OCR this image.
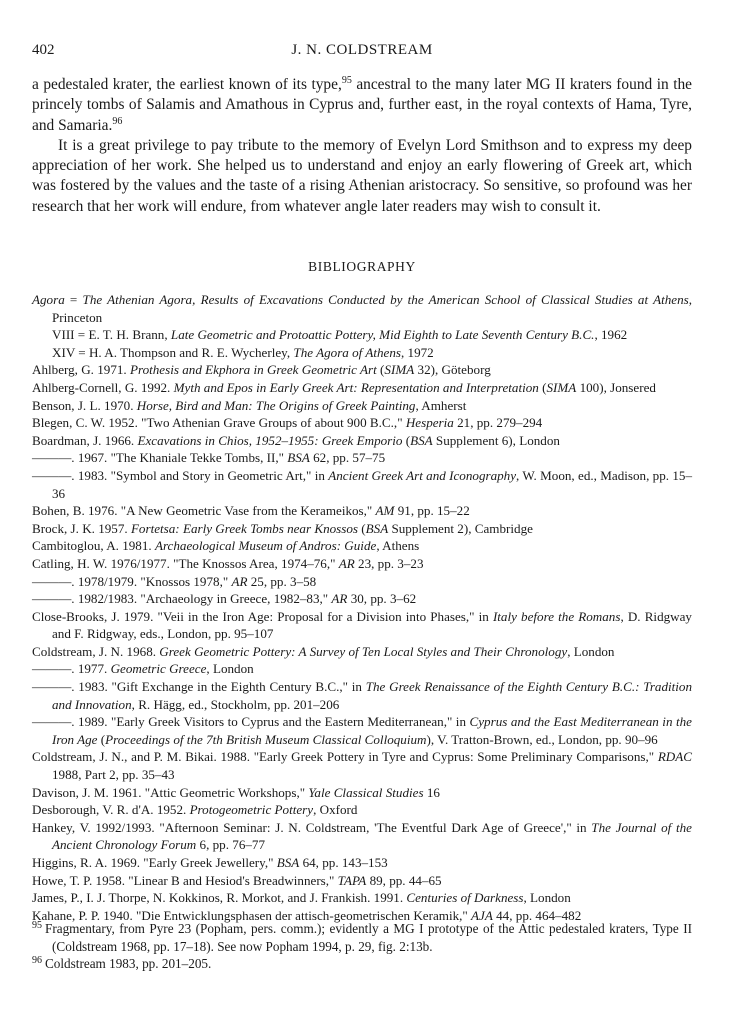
402	J. N. COLDSTREAM

a pedestaled krater, the earliest known of its type,$^{95}$ ancestral to the many later MG II kraters found in the princely tombs of Salamis and Amathous in Cyprus and, further east, in the royal contexts of Hama, Tyre, and Samaria.$^{96}$

It is a great privilege to pay tribute to the memory of Evelyn Lord Smithson and to express my deep appreciation of her work. She helped us to understand and enjoy an early flowering of Greek art, which was fostered by the values and the taste of a rising Athenian aristocracy. So sensitive, so profound was her research that her work will endure, from whatever angle later readers may wish to consult it.

BIBLIOGRAPHY
Agora = The Athenian Agora, Results of Excavations Conducted by the American School of Classical Studies at Athens, Princeton
VIII = E. T. H. Brann, Late Geometric and Protoattic Pottery, Mid Eighth to Late Seventh Century B.C., 1962
XIV = H. A. Thompson and R. E. Wycherley, The Agora of Athens, 1972
Ahlberg, G. 1971. Prothesis and Ekphora in Greek Geometric Art (SIMA 32), Göteborg
Ahlberg-Cornell, G. 1992. Myth and Epos in Early Greek Art: Representation and Interpretation (SIMA 100), Jonsered
Benson, J. L. 1970. Horse, Bird and Man: The Origins of Greek Painting, Amherst
Blegen, C. W. 1952. "Two Athenian Grave Groups of about 900 B.C.," Hesperia 21, pp. 279–294
Boardman, J. 1966. Excavations in Chios, 1952–1955: Greek Emporio (BSA Supplement 6), London
———. 1967. "The Khaniale Tekke Tombs, II," BSA 62, pp. 57–75
———. 1983. "Symbol and Story in Geometric Art," in Ancient Greek Art and Iconography, W. Moon, ed., Madison, pp. 15–36
Bohen, B. 1976. "A New Geometric Vase from the Kerameikos," AM 91, pp. 15–22
Brock, J. K. 1957. Fortetsa: Early Greek Tombs near Knossos (BSA Supplement 2), Cambridge
Cambitoglou, A. 1981. Archaeological Museum of Andros: Guide, Athens
Catling, H. W. 1976/1977. "The Knossos Area, 1974–76," AR 23, pp. 3–23
———. 1978/1979. "Knossos 1978," AR 25, pp. 3–58
———. 1982/1983. "Archaeology in Greece, 1982–83," AR 30, pp. 3–62
Close-Brooks, J. 1979. "Veii in the Iron Age: Proposal for a Division into Phases," in Italy before the Romans, D. Ridgway and F. Ridgway, eds., London, pp. 95–107
Coldstream, J. N. 1968. Greek Geometric Pottery: A Survey of Ten Local Styles and Their Chronology, London
———. 1977. Geometric Greece, London
———. 1983. "Gift Exchange in the Eighth Century B.C.," in The Greek Renaissance of the Eighth Century B.C.: Tradition and Innovation, R. Hägg, ed., Stockholm, pp. 201–206
———. 1989. "Early Greek Visitors to Cyprus and the Eastern Mediterranean," in Cyprus and the East Mediterranean in the Iron Age (Proceedings of the 7th British Museum Classical Colloquium), V. Tratton-Brown, ed., London, pp. 90–96
Coldstream, J. N., and P. M. Bikai. 1988. "Early Greek Pottery in Tyre and Cyprus: Some Preliminary Comparisons," RDAC 1988, Part 2, pp. 35–43
Davison, J. M. 1961. "Attic Geometric Workshops," Yale Classical Studies 16
Desborough, V. R. d'A. 1952. Protogeometric Pottery, Oxford
Hankey, V. 1992/1993. "Afternoon Seminar: J. N. Coldstream, 'The Eventful Dark Age of Greece'," in The Journal of the Ancient Chronology Forum 6, pp. 76–77
Higgins, R. A. 1969. "Early Greek Jewellery," BSA 64, pp. 143–153
Howe, T. P. 1958. "Linear B and Hesiod's Breadwinners," TAPA 89, pp. 44–65
James, P., I. J. Thorpe, N. Kokkinos, R. Morkot, and J. Frankish. 1991. Centuries of Darkness, London
Kahane, P. P. 1940. "Die Entwicklungsphasen der attisch-geometrischen Keramik," AJA 44, pp. 464–482
$^{95}$ Fragmentary, from Pyre 23 (Popham, pers. comm.); evidently a MG I prototype of the Attic pedestaled kraters, Type II (Coldstream 1968, pp. 17–18). See now Popham 1994, p. 29, fig. 2:13b.
$^{96}$ Coldstream 1983, pp. 201–205.
